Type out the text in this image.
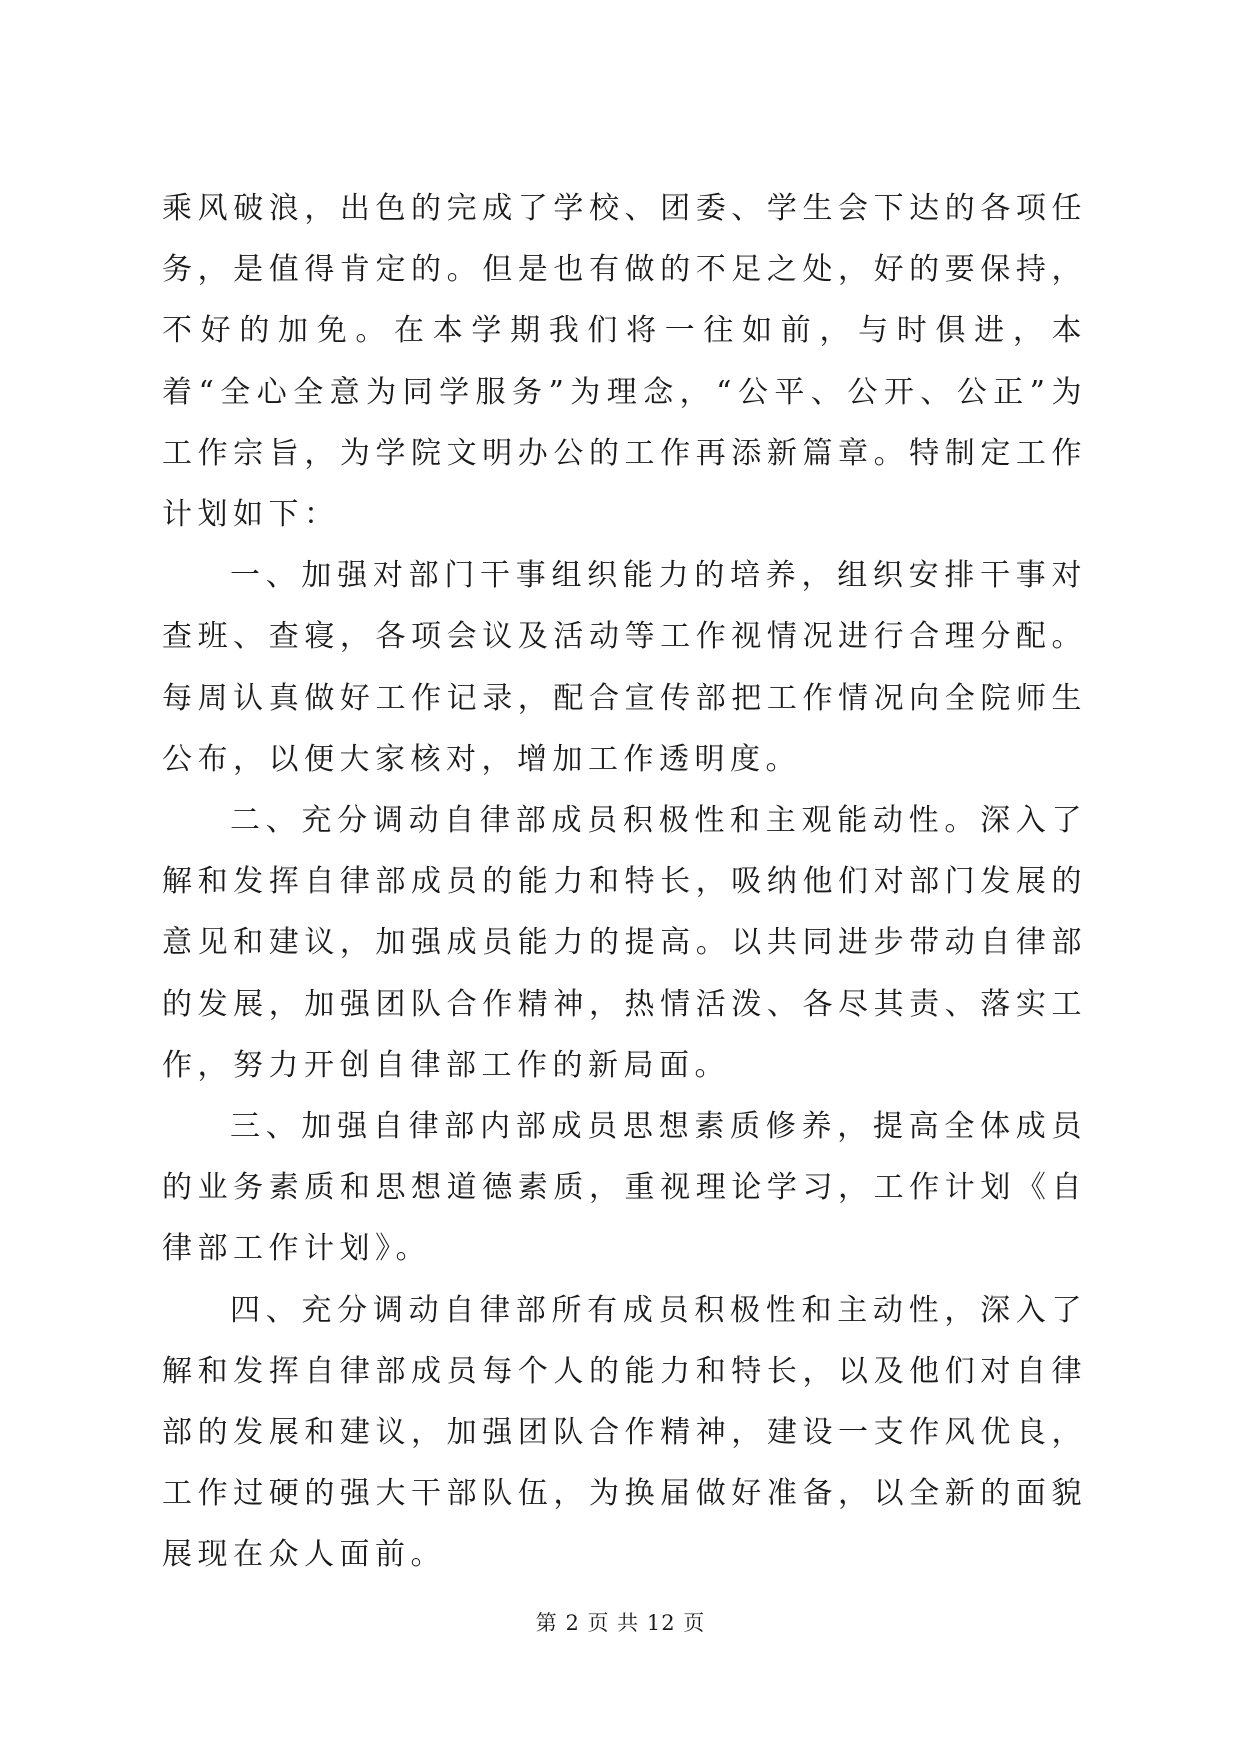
乘风破浪，出色的完成了学校、团委、学生会下达的各项任务，是值得肯定的。但是也有做的不足之处，好的要保持，不好的加免。在本学期我们将一往如前，与时俱进，本着“全心全意为同学服务”为理念，“公平、公开、公正”为工作宗旨，为学院文明办公的工作再添新篇章。特制定工作计划如下：

一、加强对部门干事组织能力的培养，组织安排干事对查班、查寝，各项会议及活动等工作视情况进行合理分配。每周认真做好工作记录，配合宣传部把工作情况向全院师生公布，以便大家核对，增加工作透明度。

二、充分调动自律部成员积极性和主观能动性。深入了解和发挥自律部成员的能力和特长，吸纳他们对部门发展的意见和建议，加强成员能力的提高。以共同进步带动自律部的发展，加强团队合作精神，热情活泼、各尽其责、落实工作，努力开创自律部工作的新局面。

三、加强自律部内部成员思想素质修养，提高全体成员的业务素质和思想道德素质，重视理论学习，工作计划《自律部工作计划》。

四、充分调动自律部所有成员积极性和主动性，深入了解和发挥自律部成员每个人的能力和特长，以及他们对自律部的发展和建议，加强团队合作精神，建设一支作风优良，工作过硬的强大干部队伍，为换届做好准备，以全新的面貌展现在众人面前。

第 2 页 共 12 页
